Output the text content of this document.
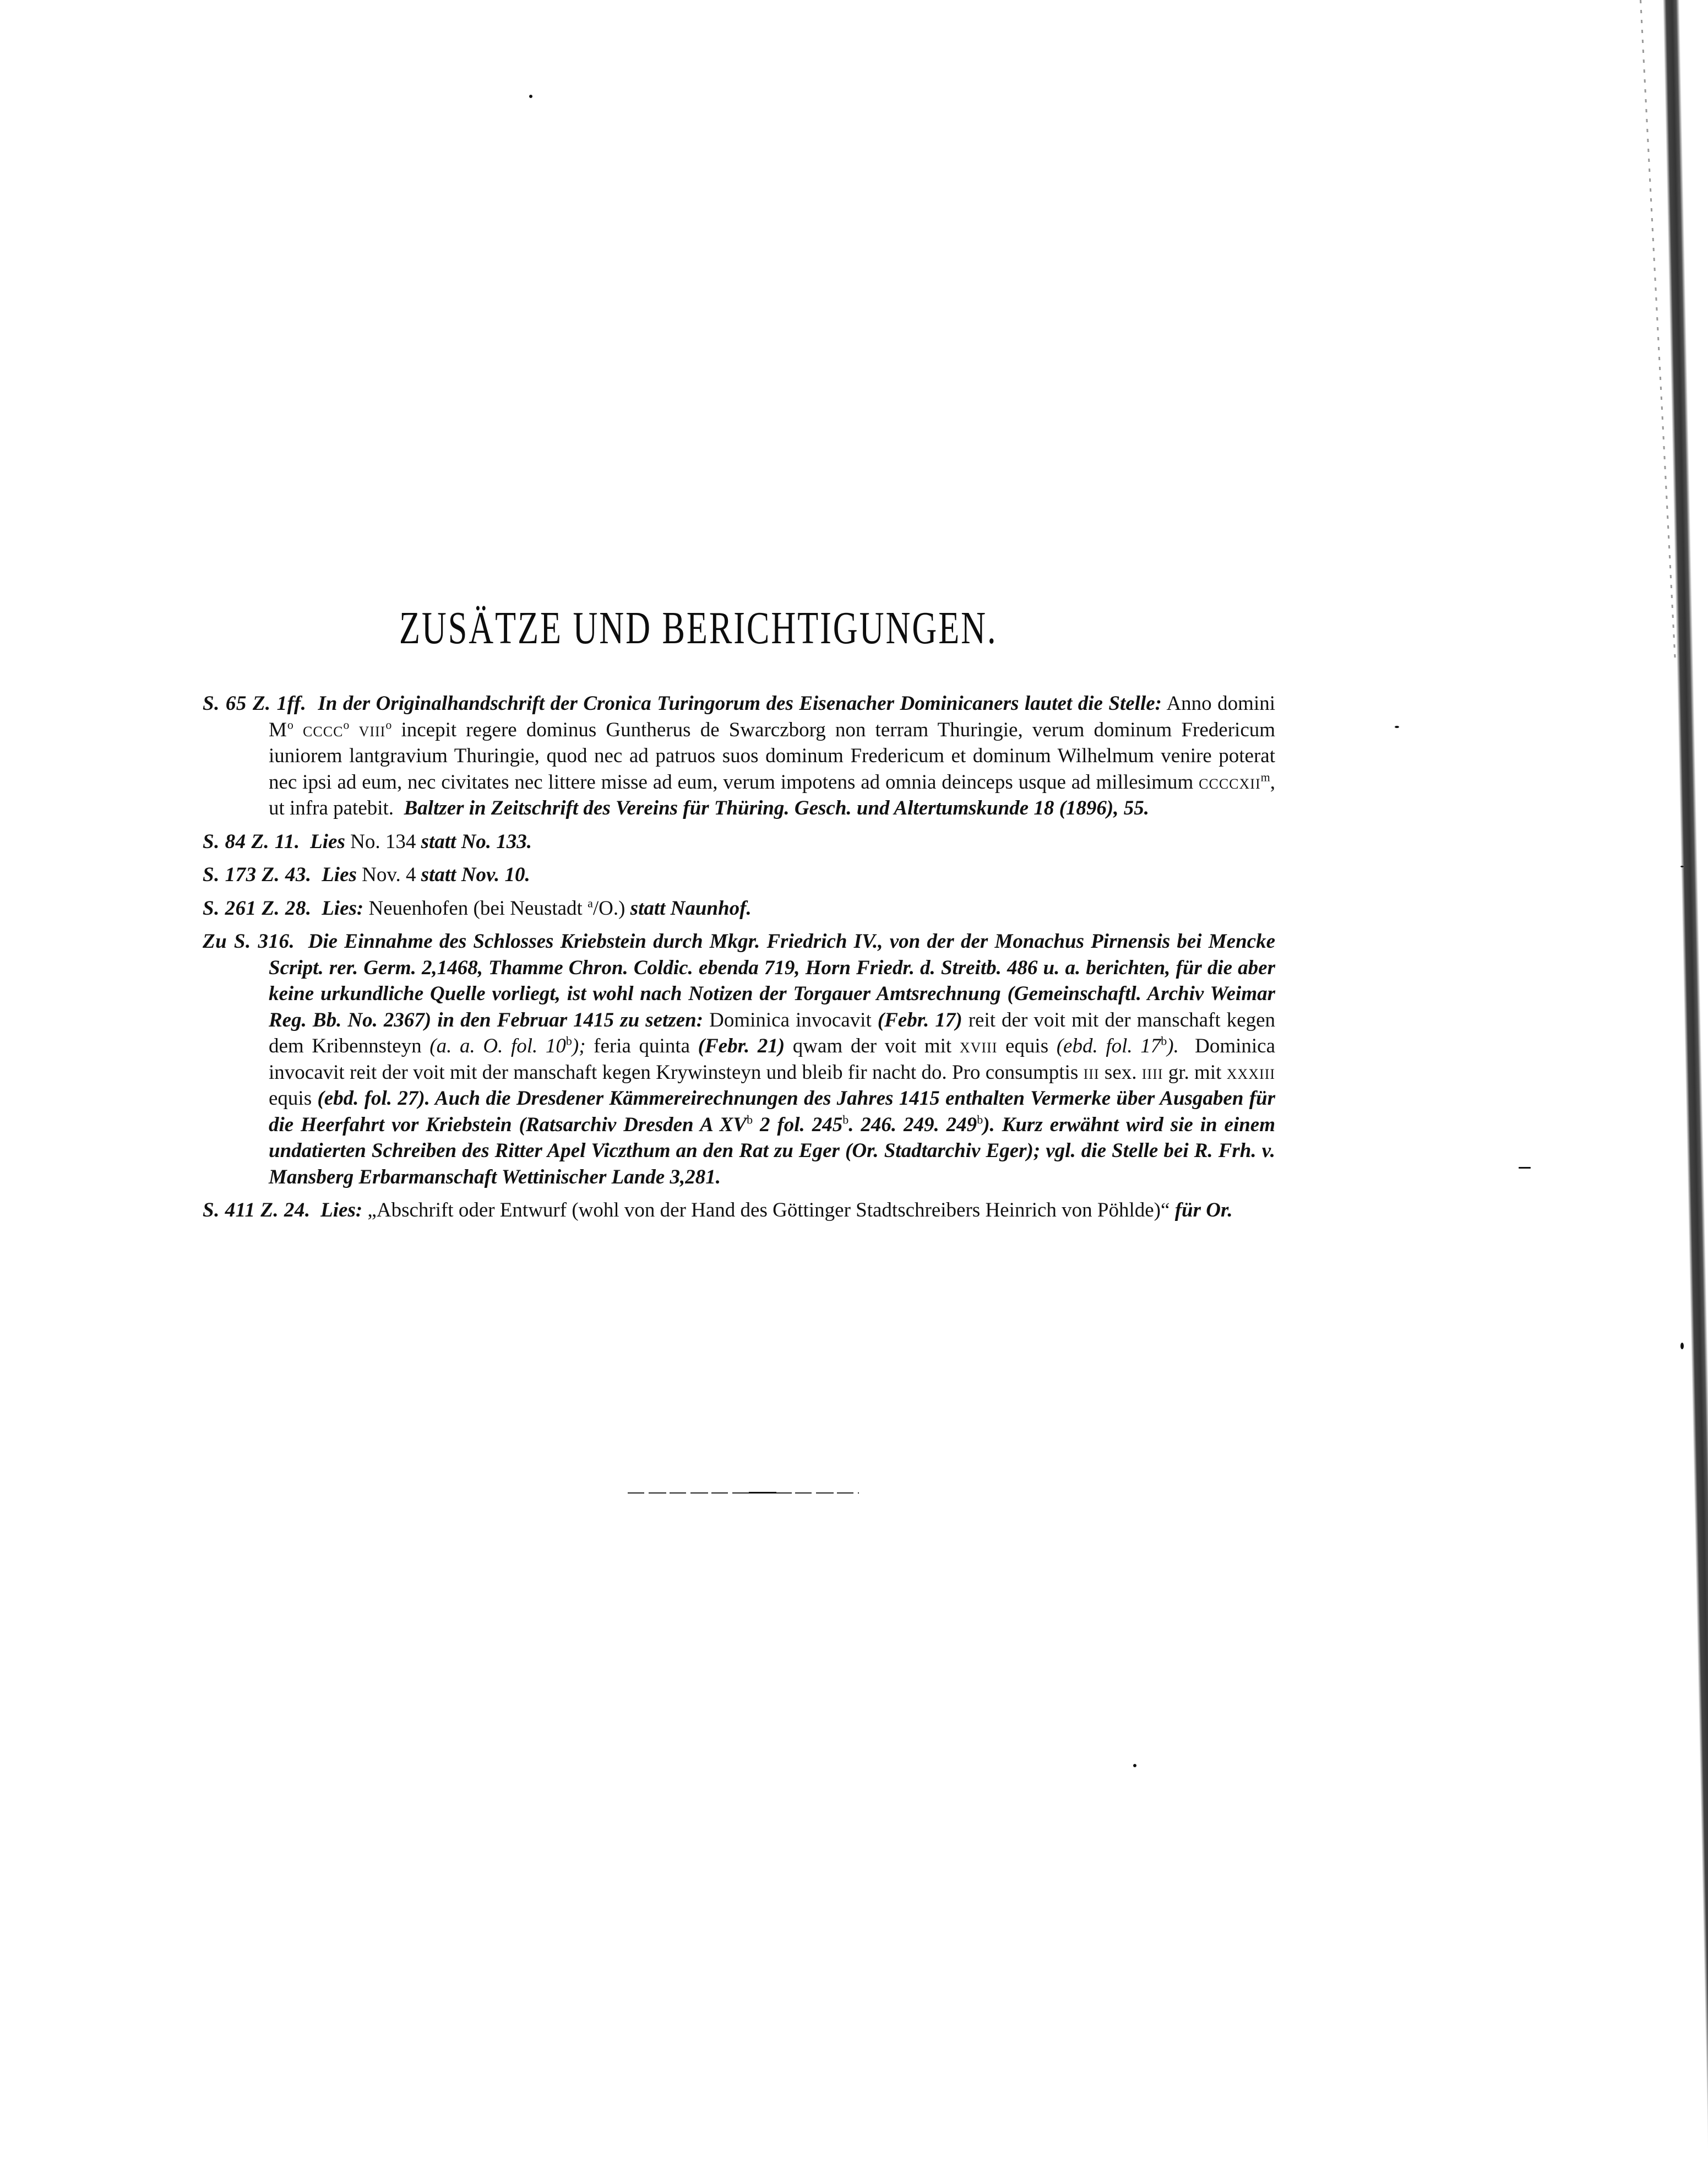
ZUSÄTZE UND BERICHTIGUNGEN.
S. 65 Z. 1ff. In der Originalhandschrift der Cronica Turingorum des Eisenacher Dominicaners lautet die Stelle: Anno domini $M^o$ cccc$^o$ viii$^o$ incepit regere dominus Guntherus de Swarczborg non terram Thuringie, verum dominum Fredericum iuniorem lantgravium Thuringie, quod nec ad patruos suos dominum Fredericum et dominum Wilhelmum venire poterat nec ipsi ad eum, nec civitates nec littere misse ad eum, verum impotens ad omnia deinceps usque ad millesimum ccccxii$^m$, ut infra patebit. Baltzer in Zeitschrift des Vereins für Thüring. Gesch. und Altertumskunde 18 (1896), 55.
S. 84 Z. 11. Lies No. 134 statt No. 133.
S. 173 Z. 43. Lies Nov. 4 statt Nov. 10.
S. 261 Z. 28. Lies: Neuenhofen (bei Neustadt $^a$/O.) statt Naunhof.
Zu S. 316. Die Einnahme des Schlosses Kriebstein durch Mkgr. Friedrich IV., von der der Monachus Pirnensis bei Mencke Script. rer. Germ. 2,1468, Thamme Chron. Coldic. ebenda 719, Horn Friedr. d. Streitb. 486 u. a. berichten, für die aber keine urkundliche Quelle vorliegt, ist wohl nach Notizen der Torgauer Amtsrechnung (Gemeinschaftl. Archiv Weimar Reg. Bb. No. 2367) in den Februar 1415 zu setzen: Dominica invocavit (Febr. 17) reit der voit mit der manschaft kegen dem Kribennsteyn (a. a. O. fol. 10$^b$); feria quinta (Febr. 21) qwam der voit mit xviii equis (ebd. fol. 17$^b$). Dominica invocavit reit der voit mit der manschaft kegen Krywinsteyn und bleib fir nacht do. Pro consumptis iii sex. iiii gr. mit xxxiii equis (ebd. fol. 27). Auch die Dresdener Kämmereirechnungen des Jahres 1415 enthalten Vermerke über Ausgaben für die Heerfahrt vor Kriebstein (Ratsarchiv Dresden A $XV^b$ 2 fol. 245$^b$. 246. 249. 249$^b$). Kurz erwähnt wird sie in einem undatierten Schreiben des Ritter Apel Viczthum an den Rat zu Eger (Or. Stadtarchiv Eger); vgl. die Stelle bei R. Frh. v. Mansberg Erbarmanschaft Wettinischer Lande 3,281.
S. 411 Z. 24. Lies: „Abschrift oder Entwurf (wohl von der Hand des Göttinger Stadtschreibers Heinrich von Pöhlde)“ für Or.
